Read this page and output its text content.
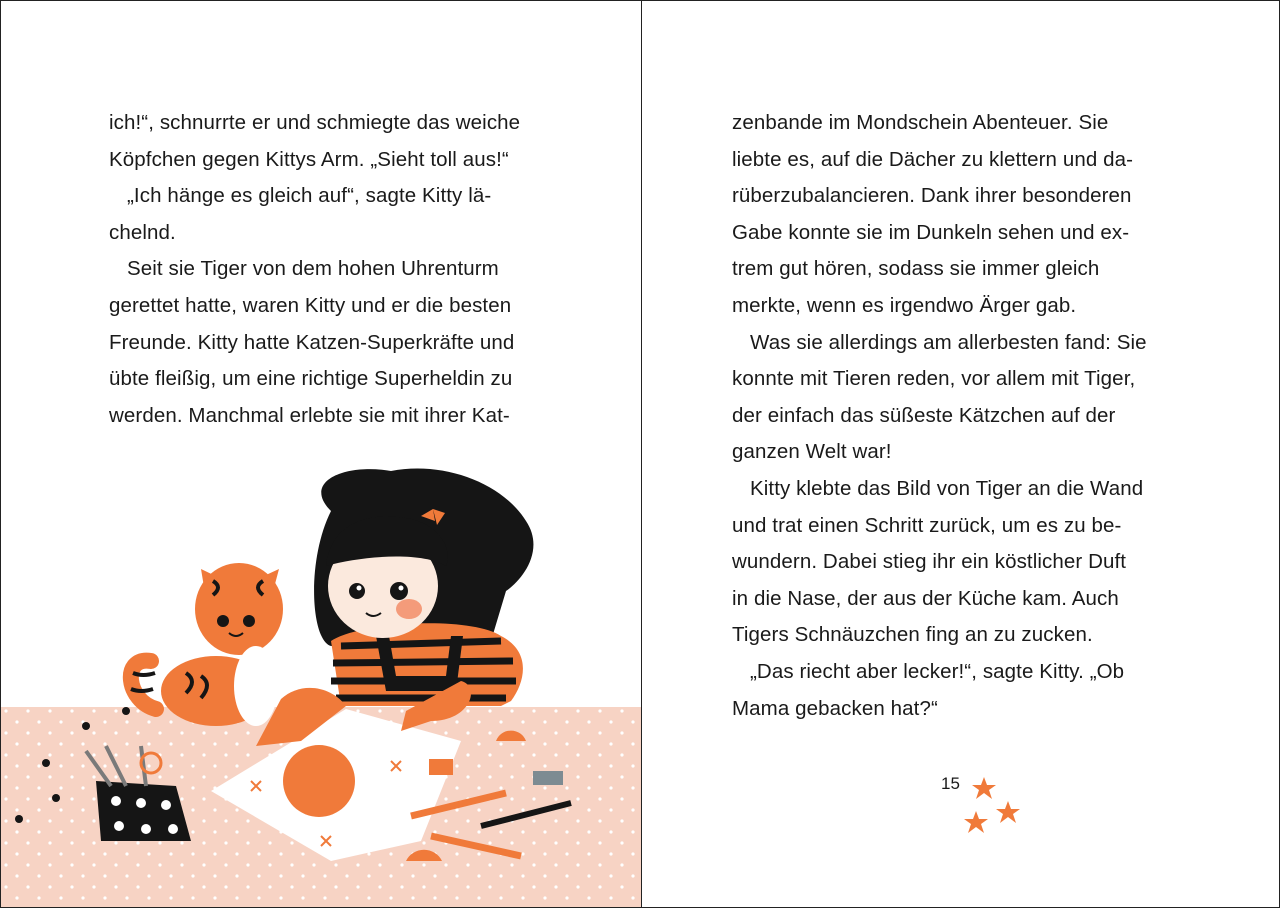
ich!“, schnurrte er und schmiegte das weiche
Köpfchen gegen Kittys Arm. „Sieht toll aus!“
„Ich hänge es gleich auf“, sagte Kitty lä-
chelnd.
Seit sie Tiger von dem hohen Uhrenturm
gerettet hatte, waren Kitty und er die besten
Freunde. Kitty hatte Katzen-Superkräfte und
übte fleißig, um eine richtige Superheldin zu
werden. Manchmal erlebte sie mit ihrer Kat-
zenbande im Mondschein Abenteuer. Sie
liebte es, auf die Dächer zu klettern und da-
rüberzubalancieren. Dank ihrer besonderen
Gabe konnte sie im Dunkeln sehen und ex-
trem gut hören, sodass sie immer gleich
merkte, wenn es irgendwo Ärger gab.
Was sie allerdings am allerbesten fand: Sie
konnte mit Tieren reden, vor allem mit Tiger,
der einfach das süßeste Kätzchen auf der
ganzen Welt war!
Kitty klebte das Bild von Tiger an die Wand
und trat einen Schritt zurück, um es zu be-
wundern. Dabei stieg ihr ein köstlicher Duft
in die Nase, der aus der Küche kam. Auch
Tigers Schnäuzchen fing an zu zucken.
„Das riecht aber lecker!“, sagte Kitty. „Ob
Mama gebacken hat?“
15
